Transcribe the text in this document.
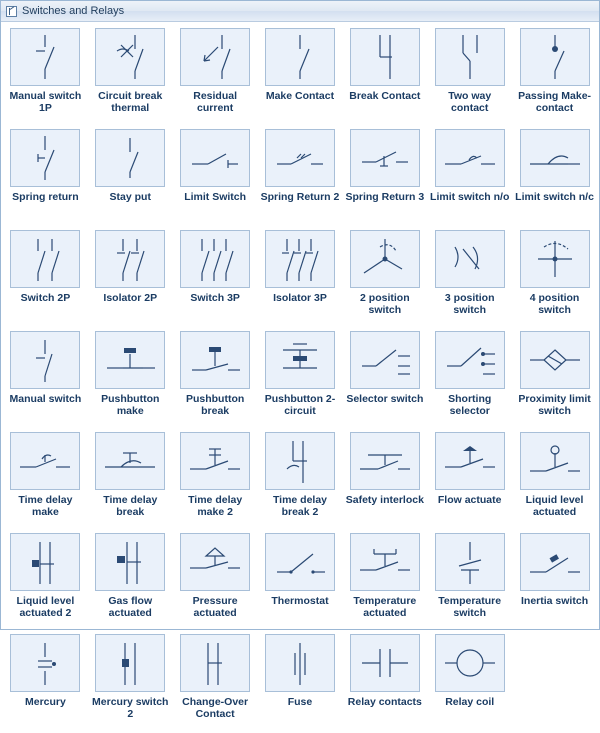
Switches and Relays
Manual switch 1P
Circuit break thermal
Residual current
Make Contact	Break Contact	Two way contact
Passing Make-contact
Spring return	Stay put	Limit Switch	Spring Return 2 Spring Return 3 Limit switch n/o Limit switch n/c
Switch 2P	Isolator 2P	Switch 3P	Isolator 3P	2 position switch
3 position switch
4 position switch
Manual switch	Pushbutton make
Pushbutton break
Pushbutton 2-circuit
Selector switch	Shorting selector
Proximity limit switch
Time delay make
Time delay break
Time delay make 2
Time delay break 2
Safety interlock	Flow actuate	Liquid level actuated
Liquid level actuated 2
Gas flow actuated
Pressure actuated
Thermostat	Temperature actuated
Temperature switch
Inertia switch
Mercury	Mercury switch 2
Change-Over Contact
Fuse	Relay contacts	Relay coil
